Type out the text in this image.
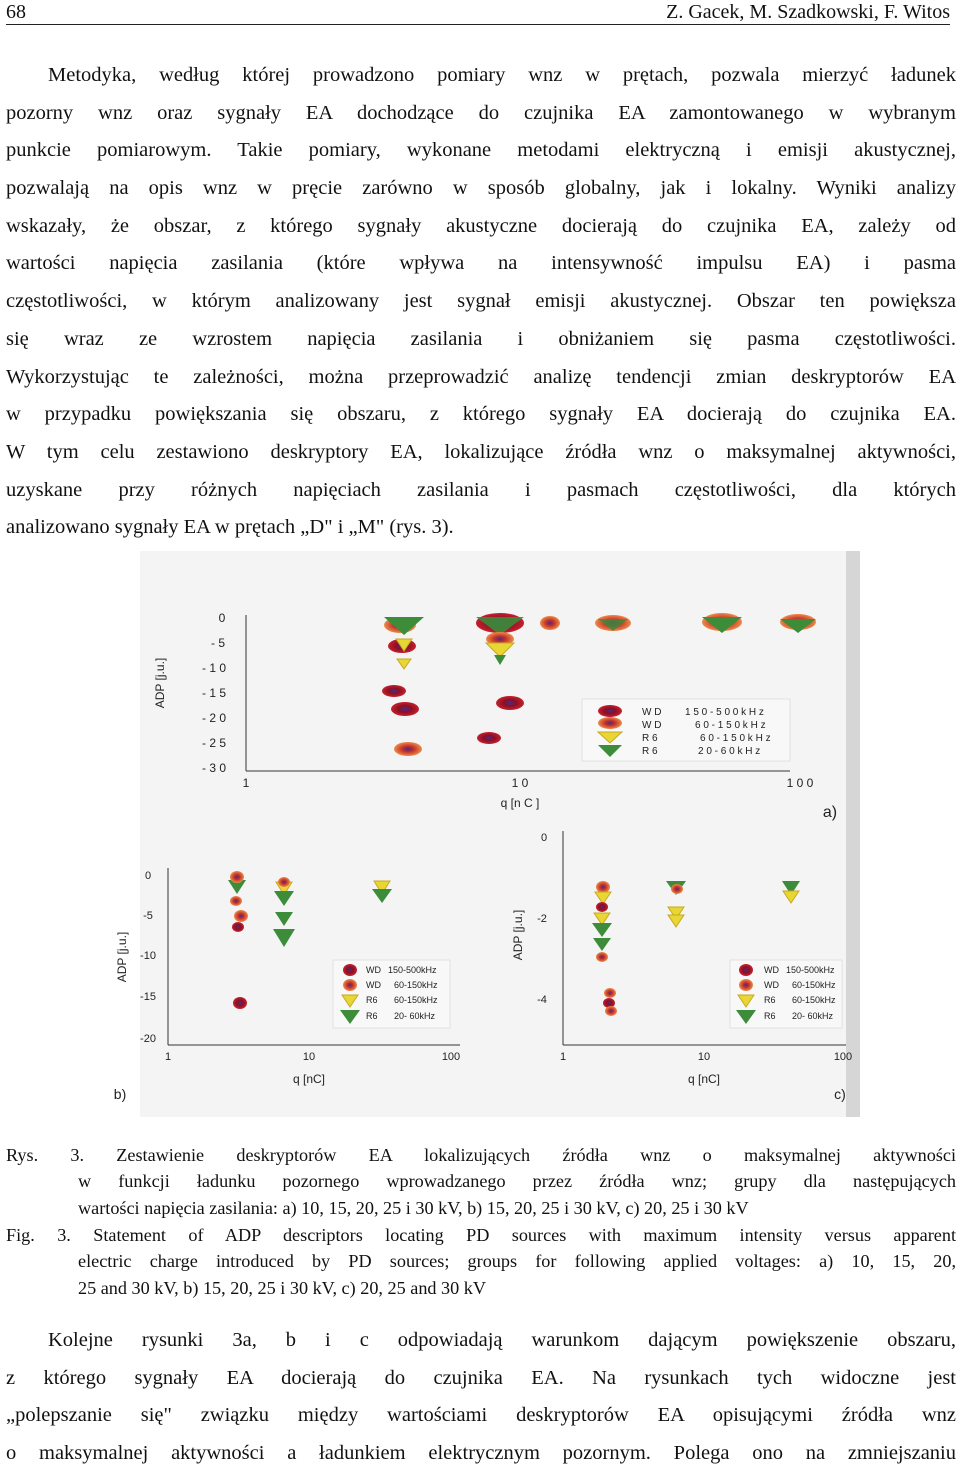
68	Z. Gacek, M. Szadkowski, F. Witos
Metodyka, według której prowadzono pomiary wnz w prętach, pozwala mierzyć ładunek
pozorny wnz oraz sygnały EA dochodzące do czujnika EA zamontowanego w wybranym
punkcie pomiarowym. Takie pomiary, wykonane metodami elektryczną i emisji akustycznej,
pozwalają na opis wnz w pręcie zarówno w sposób globalny, jak i lokalny. Wyniki analizy
wskazały, że obszar, z którego sygnały akustyczne docierają do czujnika EA, zależy od
wartości napięcia zasilania (które wpływa na intensywność impulsu EA) i pasma
częstotliwości, w którym analizowany jest sygnał emisji akustycznej. Obszar ten powiększa
się wraz ze wzrostem napięcia zasilania i obniżaniem się pasma częstotliwości.
Wykorzystując te zależności, można przeprowadzić analizę tendencji zmian deskryptorów EA
w przypadku powiększania się obszaru, z którego sygnały EA docierają do czujnika EA.
W tym celu zestawiono deskryptory EA, lokalizujące źródła wnz o maksymalnej aktywności,
uzyskane przy różnych napięciach zasilania i pasmach częstotliwości, dla których
analizowano sygnały EA w prętach „D" i „M" (rys. 3).
0
- 5
- 1 0
- 1 5
- 2 0
- 2 5
- 3 0
1	1 0	1 0 0
ADP [j.u.]
q [n C ]
a)
W D 1 5 0 - 5 0 0 k H z
W D	6 0 - 1 5 0 k H z
R 6	6 0 - 1 5 0 k H z
R 6	2 0 - 6 0 k H z
0
-5
-10
-15
-20
1	10	100
ADP [j.u.]
q [nC]
b)
WD 150-500kHz
WD 60-150kHz
R6 60-150kHz
R6 20- 60kHz
0
-2
-4
1	10	100
ADP [j.u.]
q [nC]
c)
WD 150-500kHz
WD 60-150kHz
R6 60-150kHz
R6 20- 60kHz
Rys. 3. Zestawienie deskryptorów EA lokalizujących źródła wnz o maksymalnej aktywności
w funkcji ładunku pozornego wprowadzanego przez źródła wnz; grupy dla następujących
wartości napięcia zasilania: a) 10, 15, 20, 25 i 30 kV, b) 15, 20, 25 i 30 kV, c) 20, 25 i 30 kV
Fig. 3. Statement of ADP descriptors locating PD sources with maximum intensity versus apparent
electric charge introduced by PD sources; groups for following applied voltages: a) 10, 15, 20,
25 and 30 kV, b) 15, 20, 25 i 30 kV, c) 20, 25 and 30 kV
Kolejne rysunki 3a, b i c odpowiadają warunkom dającym powiększenie obszaru,
z którego sygnały EA docierają do czujnika EA. Na rysunkach tych widoczne jest
„polepszanie się" związku między wartościami deskryptorów EA opisującymi źródła wnz
o maksymalnej aktywności a ładunkiem elektrycznym pozornym. Polega ono na zmniejszaniu
